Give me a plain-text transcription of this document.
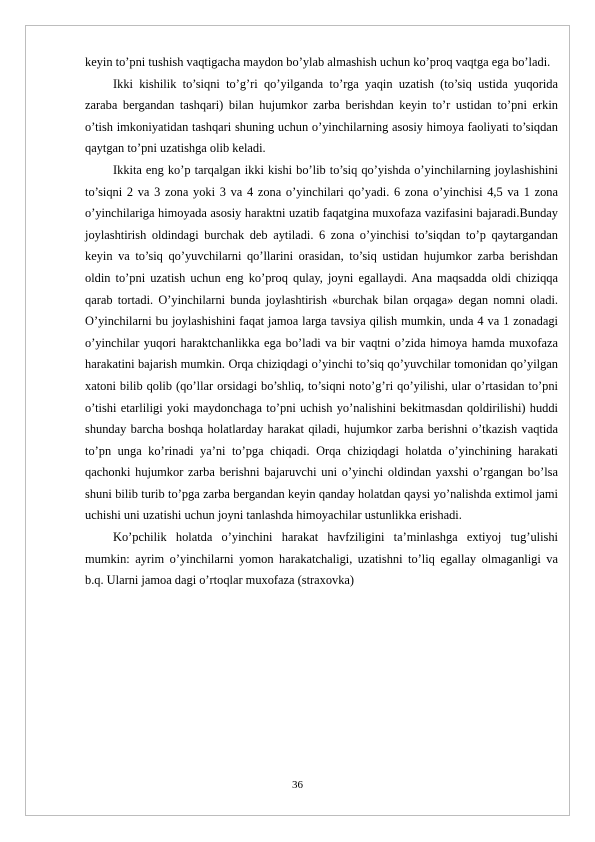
keyin to’pni tushish vaqtigacha maydon bo’ylab almashish uchun ko’proq vaqtga ega bo’ladi.

Ikki kishilik to’siqni to’g’ri qo’yilganda to’rga yaqin uzatish (to’siq ustida yuqorida zaraba bergandan tashqari) bilan hujumkor zarba berishdan keyin to’r ustidan to’pni erkin o’tish imkoniyatidan tashqari shuning uchun o’yinchilarning asosiy himoya faoliyati to’siqdan qaytgan to’pni uzatishga olib keladi.

Ikkita eng ko’p tarqalgan ikki kishi bo’lib to’siq qo’yishda o’yinchilarning joylashishini to’siqni 2 va 3 zona yoki 3 va 4 zona o’yinchilari qo’yadi. 6 zona o’yinchisi 4,5 va 1 zona o’yinchilariga himoyada asosiy haraktni uzatib faqatgina muxofaza vazifasini bajaradi.Bunday joylashtirish oldindagi burchak deb aytiladi. 6 zona o’yinchisi to’siqdan to’p qaytargandan keyin va to’siq qo’yuvchilarni qo’llarini orasidan, to’siq ustidan hujumkor zarba berishdan oldin to’pni uzatish uchun eng ko’proq qulay, joyni egallaydi. Ana maqsadda oldi chiziqqa qarab tortadi. O’yinchilarni bunda joylashtirish «burchak bilan orqaga» degan nomni oladi. O’yinchilarni bu joylashishini faqat jamoa larga tavsiya qilish mumkin, unda 4 va 1 zonadagi o’yinchilar yuqori haraktchanlikka ega bo’ladi va bir vaqtni o’zida himoya hamda muxofaza harakatini bajarish mumkin. Orqa chiziqdagi o’yinchi to’siq qo’yuvchilar tomonidan qo’yilgan xatoni bilib qolib (qo’llar orsidagi bo’shliq, to’siqni noto’g’ri qo’yilishi, ular o’rtasidan to’pni o’tishi etarliligi yoki maydonchaga to’pni uchish yo’nalishini bekitmasdan qoldirilishi) huddi shunday barcha boshqa holatlarday harakat qiladi, hujumkor zarba berishni o’tkazish vaqtida to’pn unga ko’rinadi ya’ni to’pga chiqadi. Orqa chiziqdagi holatda o’yinchining harakati qachonki hujumkor zarba berishni bajaruvchi uni o’yinchi oldindan yaxshi o’rgangan bo’lsa shuni bilib turib to’pga zarba bergandan keyin qanday holatdan qaysi yo’nalishda extimol jami uchishi uni uzatishi uchun joyni tanlashda himoyachilar ustunlikka erishadi.

Ko’pchilik holatda o’yinchini harakat havfziligini ta’minlashga extiyoj tug’ulishi mumkin: ayrim o’yinchilarni yomon harakatchaligi, uzatishni to’liq egallay olmaganligi va b.q. Ularni jamoa dagi o’rtoqlar muxofaza (straxovka)

36
